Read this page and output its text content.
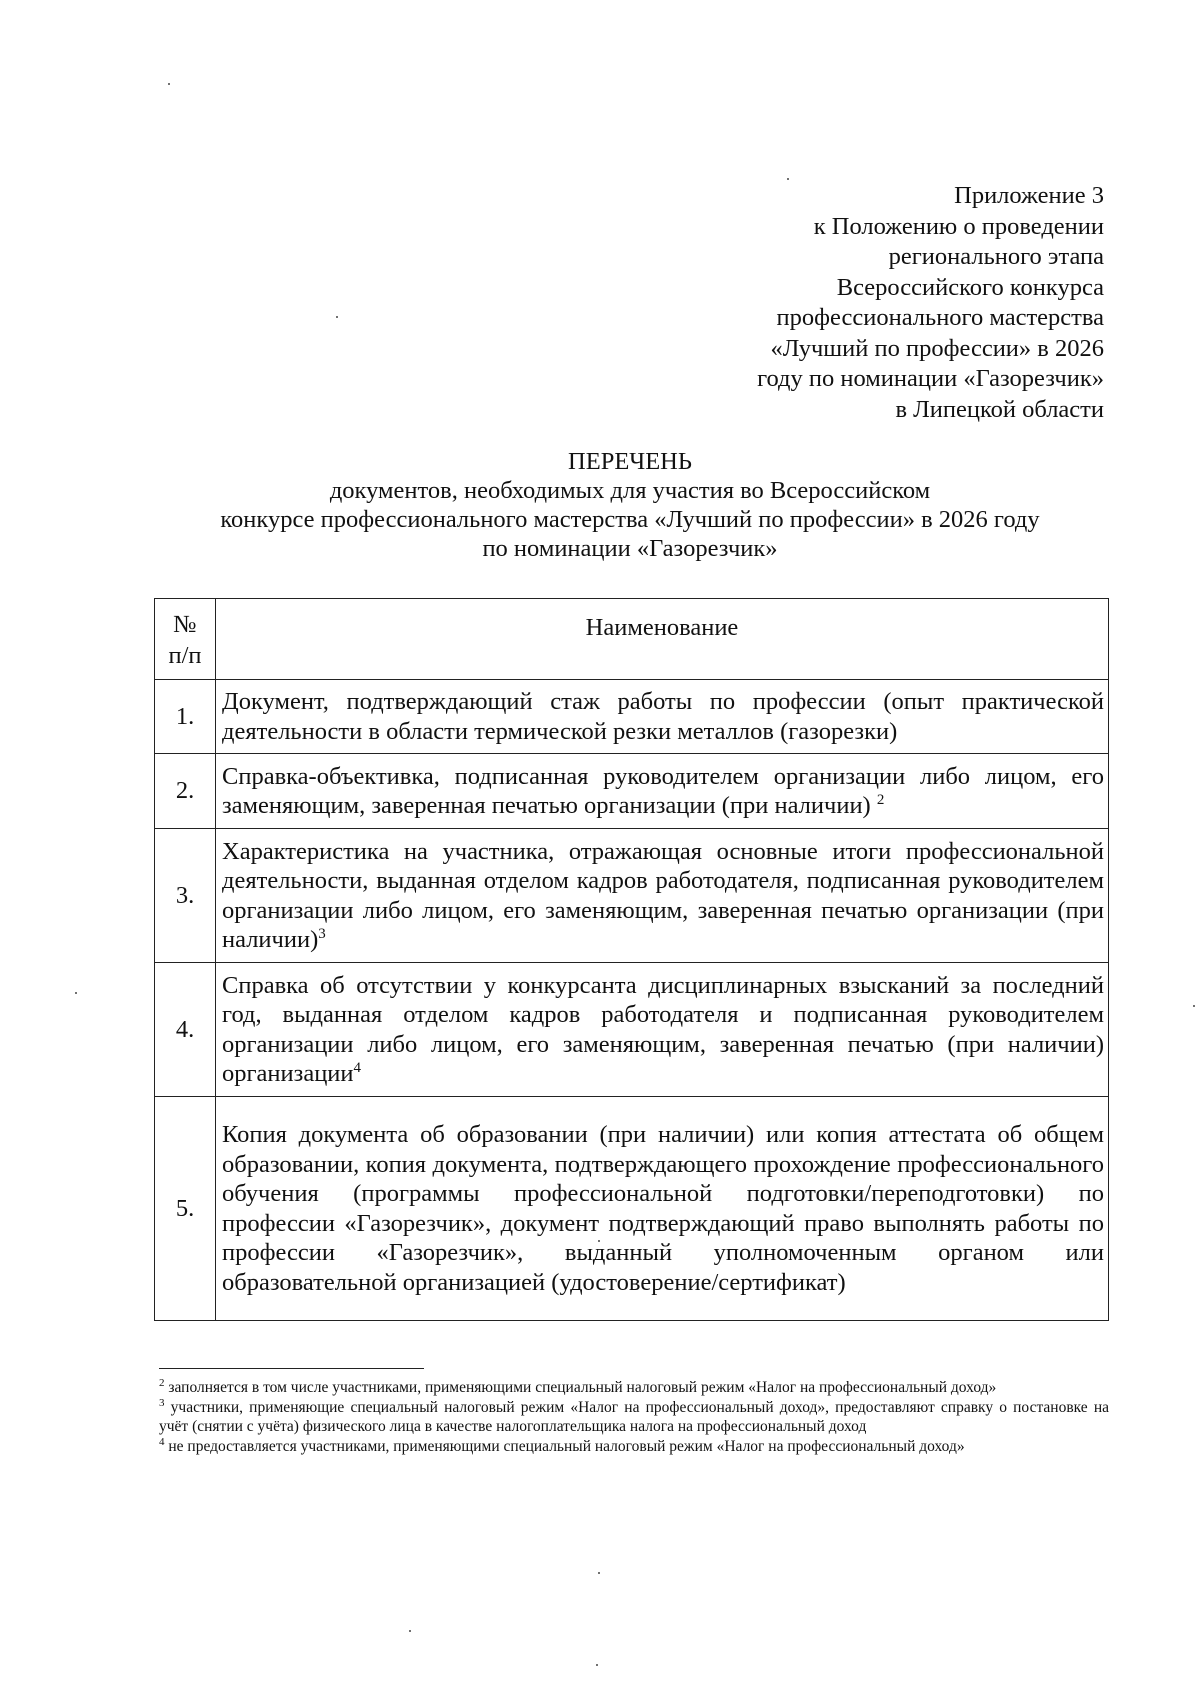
Приложение 3
к Положению о проведении
регионального этапа
Всероссийского конкурса
профессионального мастерства
«Лучший по профессии» в 2026
году по номинации «Газорезчик»
в Липецкой области
ПЕРЕЧЕНЬ
документов, необходимых для участия во Всероссийском
конкурсе профессионального мастерства «Лучший по профессии» в 2026 году
по номинации «Газорезчик»
№
п/п	Наименование
1.	Документ, подтверждающий стаж работы по профессии (опыт практической деятельности в области термической резки металлов (газорезки)
2.	Справка-объективка, подписанная руководителем организации либо лицом, его заменяющим, заверенная печатью организации (при наличии) $^2$
3.	Характеристика на участника, отражающая основные итоги профессиональной деятельности, выданная отделом кадров работодателя, подписанная руководителем организации либо лицом, его заменяющим, заверенная печатью организации (при наличии)$^3$
4.	Справка об отсутствии у конкурсанта дисциплинарных взысканий за последний год, выданная отделом кадров работодателя и подписанная руководителем организации либо лицом, его заменяющим, заверенная печатью (при наличии) организации$^4$
5.	Копия документа об образовании (при наличии) или копия аттестата об общем образовании, копия документа, подтверждающего прохождение профессионального обучения (программы профессиональной подготовки/переподготовки) по профессии «Газорезчик», документ подтверждающий право выполнять работы по профессии «Газорезчик», выданный уполномоченным органом или образовательной организацией (удостоверение/сертификат)

$^2$ заполняется в том числе участниками, применяющими специальный налоговый режим «Налог на профессиональный доход»

$^3$ участники, применяющие специальный налоговый режим «Налог на профессиональный доход», предоставляют справку о постановке на учёт (снятии с учёта) физического лица в качестве налогоплательщика налога на профессиональный доход

$^4$ не предоставляется участниками, применяющими специальный налоговый режим «Налог на профессиональный доход»
